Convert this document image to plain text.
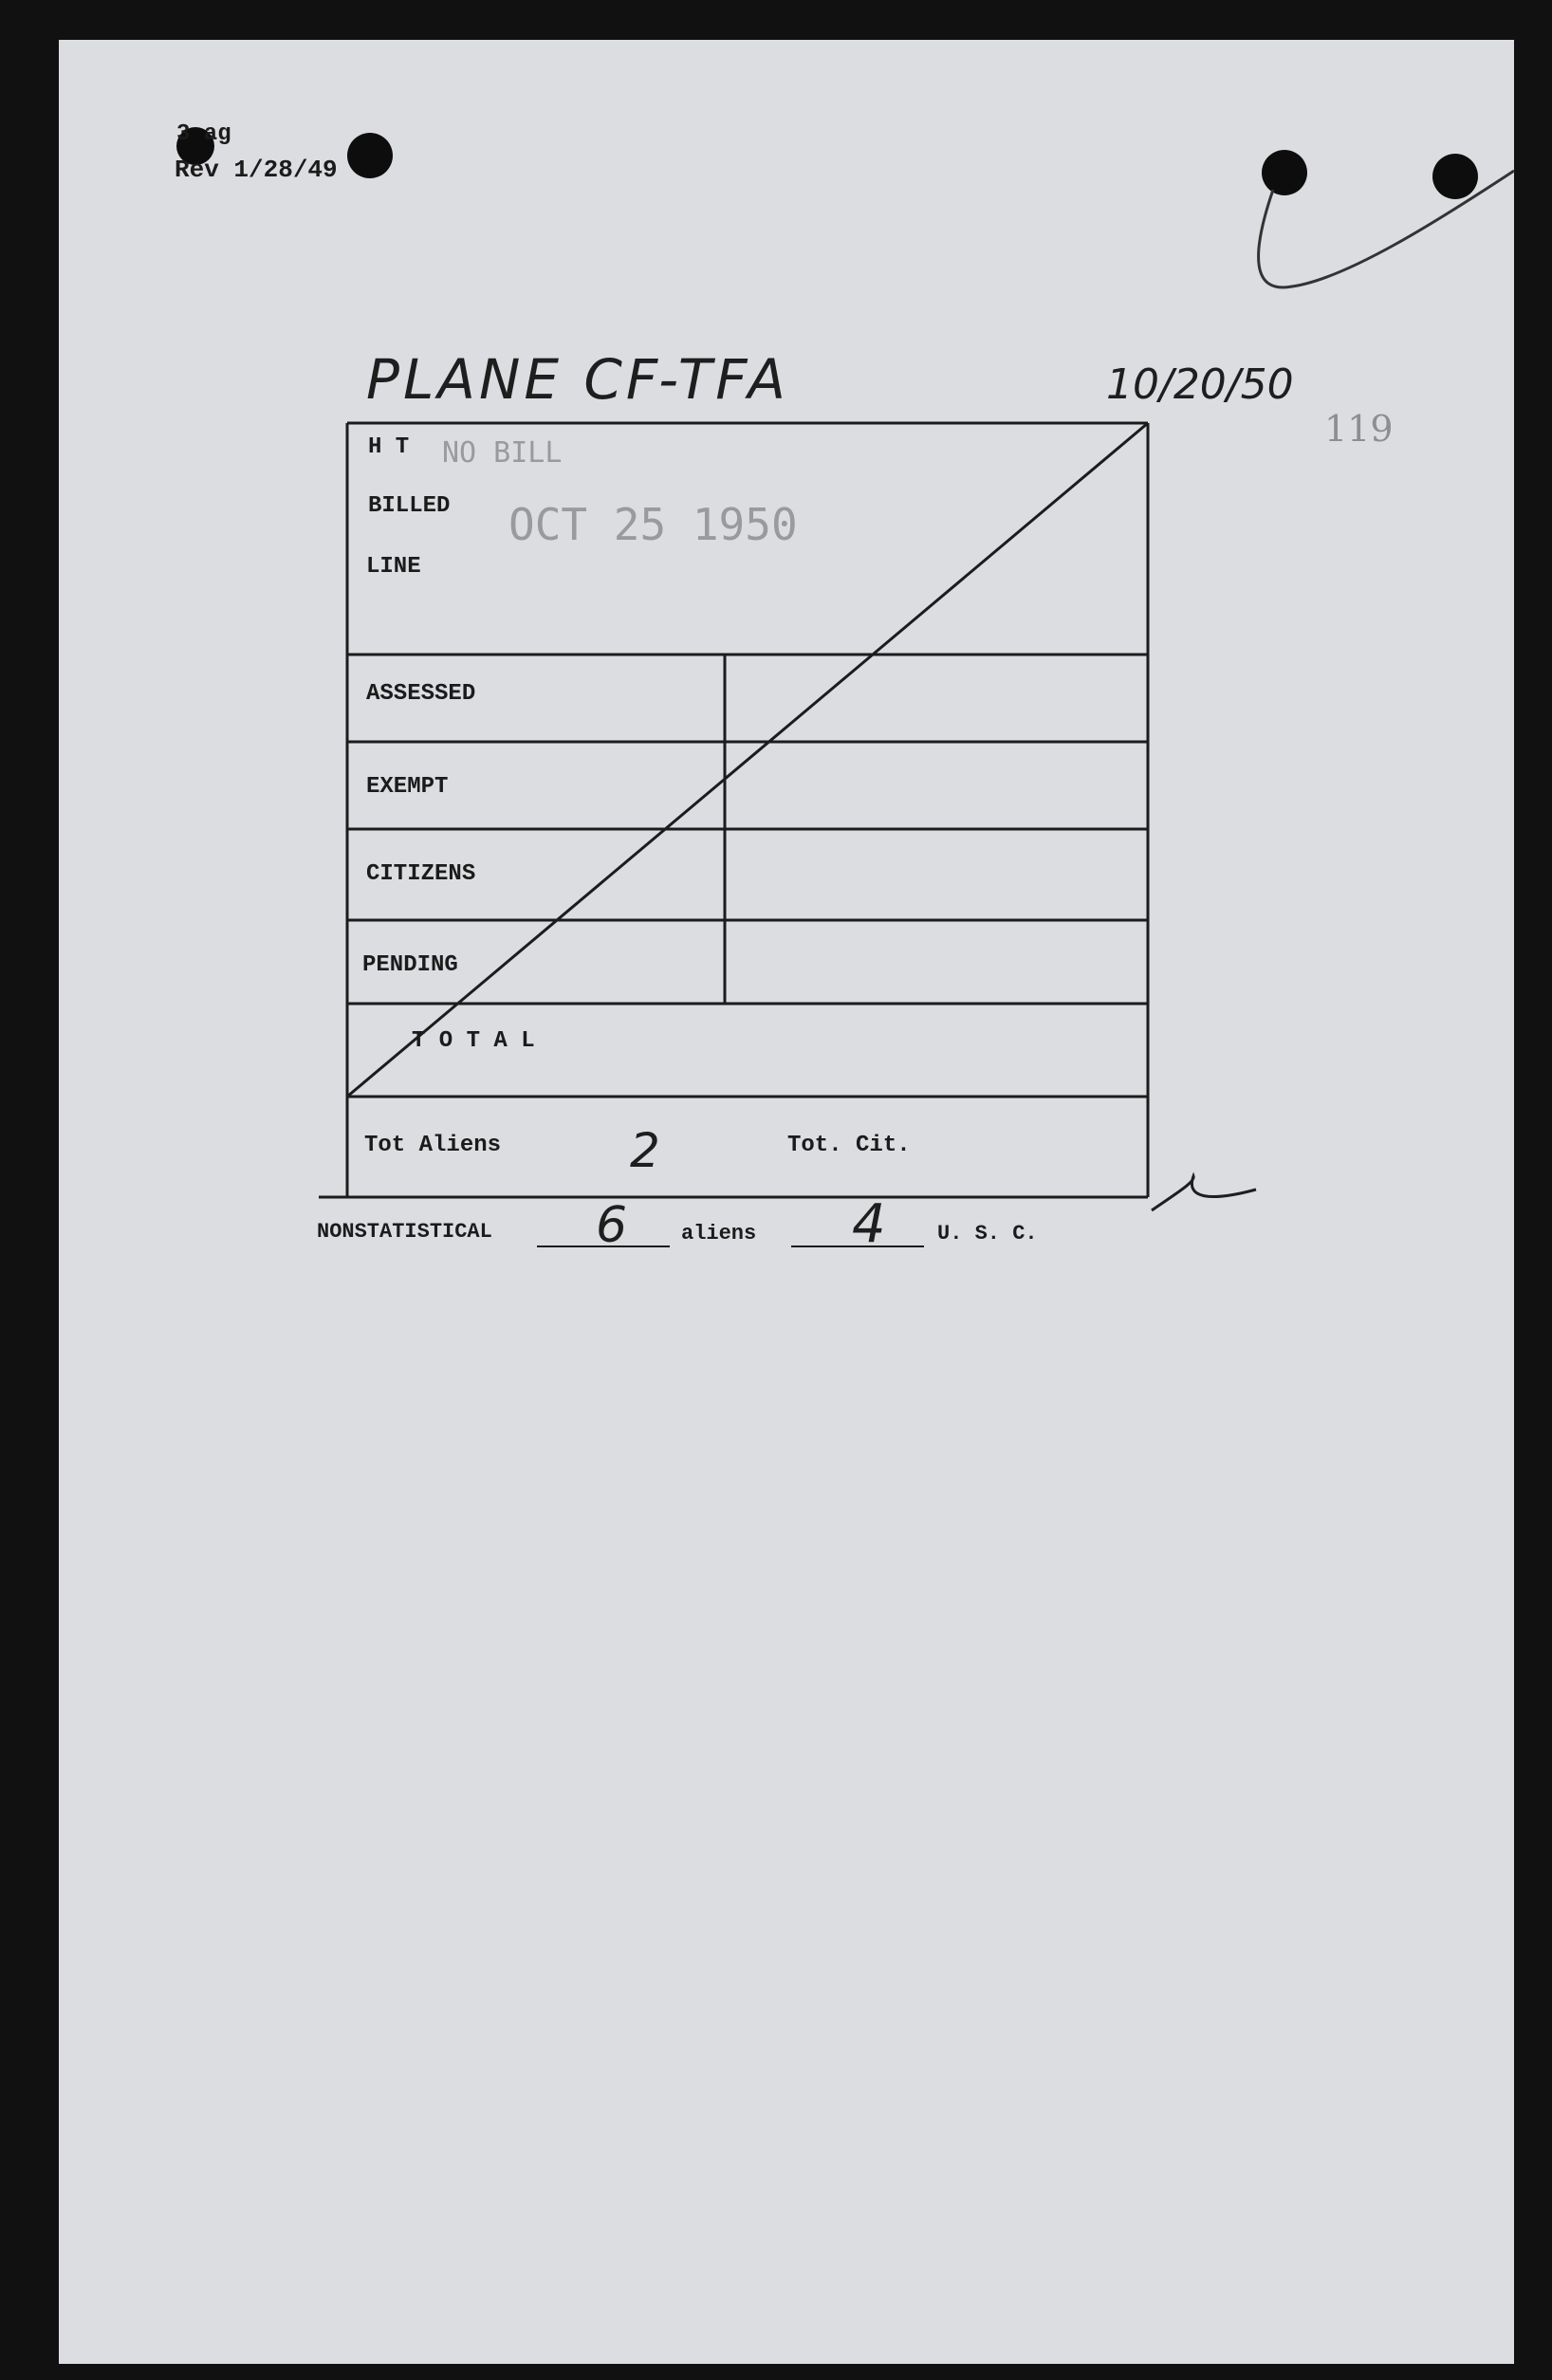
3 ag
Rev 1/28/49
PLANE CF-TFA	10/20/50
119
H T NO BILL
BILLED OCT 25 1950
LINE
ASSESSED
EXEMPT
CITIZENS
PENDING
T O T A L
Tot Aliens	2	Tot. Cit.
NONSTATISTICAL 6	aliens 4 U. S. C.
